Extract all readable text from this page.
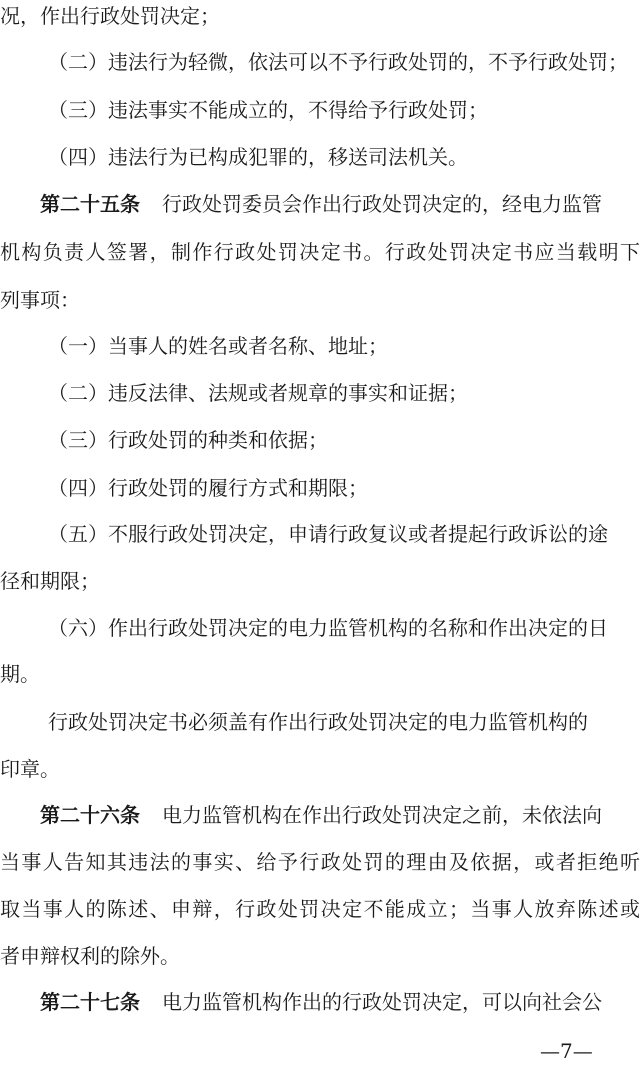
况，作出行政处罚决定；
（二）违法行为轻微，依法可以不予行政处罚的，不予行政处罚；
（三）违法事实不能成立的，不得给予行政处罚；
（四）违法行为已构成犯罪的，移送司法机关。
第二十五条 行政处罚委员会作出行政处罚决定的，经电力监管
机构负责人签署，制作行政处罚决定书。行政处罚决定书应当载明下
列事项：
（一）当事人的姓名或者名称、地址；
（二）违反法律、法规或者规章的事实和证据；
（三）行政处罚的种类和依据；
（四）行政处罚的履行方式和期限；
（五）不服行政处罚决定，申请行政复议或者提起行政诉讼的途
径和期限；
（六）作出行政处罚决定的电力监管机构的名称和作出决定的日
期。
行政处罚决定书必须盖有作出行政处罚决定的电力监管机构的
印章。
第二十六条 电力监管机构在作出行政处罚决定之前，未依法向
当事人告知其违法的事实、给予行政处罚的理由及依据，或者拒绝听
取当事人的陈述、申辩，行政处罚决定不能成立；当事人放弃陈述或
者申辩权利的除外。
第二十七条 电力监管机构作出的行政处罚决定，可以向社会公
—7—
